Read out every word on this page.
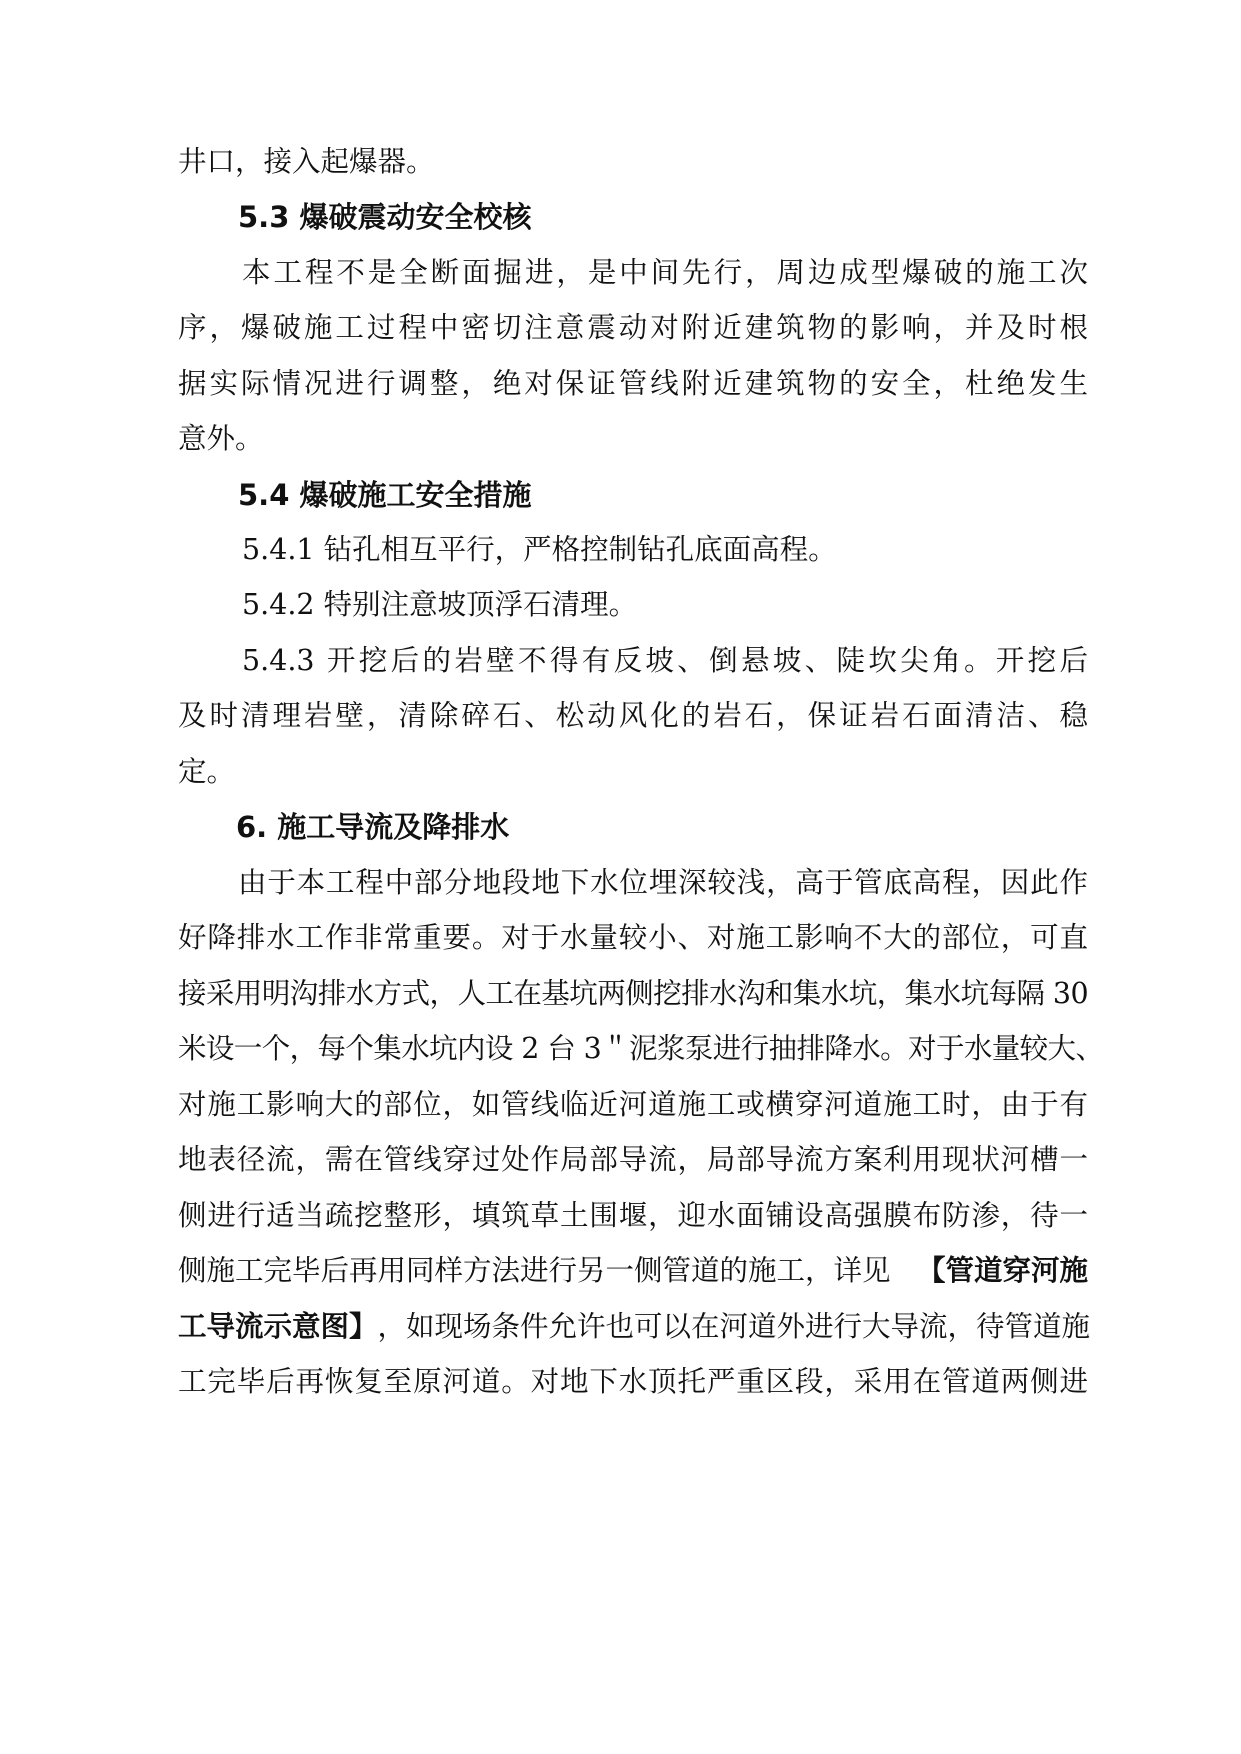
井口，接入起爆器。
5.3 爆破震动安全校核
本工程不是全断面掘进，是中间先行，周边成型爆破的施工次
序，爆破施工过程中密切注意震动对附近建筑物的影响，并及时根
据实际情况进行调整，绝对保证管线附近建筑物的安全，杜绝发生
意外。
5.4 爆破施工安全措施
5.4.1 钻孔相互平行，严格控制钻孔底面高程。
5.4.2 特别注意坡顶浮石清理。
5.4.3 开挖后的岩壁不得有反坡、倒悬坡、陡坎尖角。开挖后
及时清理岩壁，清除碎石、松动风化的岩石，保证岩石面清洁、稳
定。
6. 施工导流及降排水
由于本工程中部分地段地下水位埋深较浅，高于管底高程，因此作
好降排水工作非常重要。对于水量较小、对施工影响不大的部位，可直
接采用明沟排水方式，人工在基坑两侧挖排水沟和集水坑，集水坑每隔 30
米设一个，每个集水坑内设 2 台 3＂泥浆泵进行抽排降水。对于水量较大、
对施工影响大的部位，如管线临近河道施工或横穿河道施工时，由于有
地表径流，需在管线穿过处作局部导流，局部导流方案利用现状河槽一
侧进行适当疏挖整形，填筑草土围堰，迎水面铺设高强膜布防渗，待一
侧施工完毕后再用同样方法进行另一侧管道的施工，详见 【管道穿河施
工导流示意图】 ，如现场条件允许也可以在河道外进行大导流，待管道施
工完毕后再恢复至原河道。对地下水顶托严重区段，采用在管道两侧进
